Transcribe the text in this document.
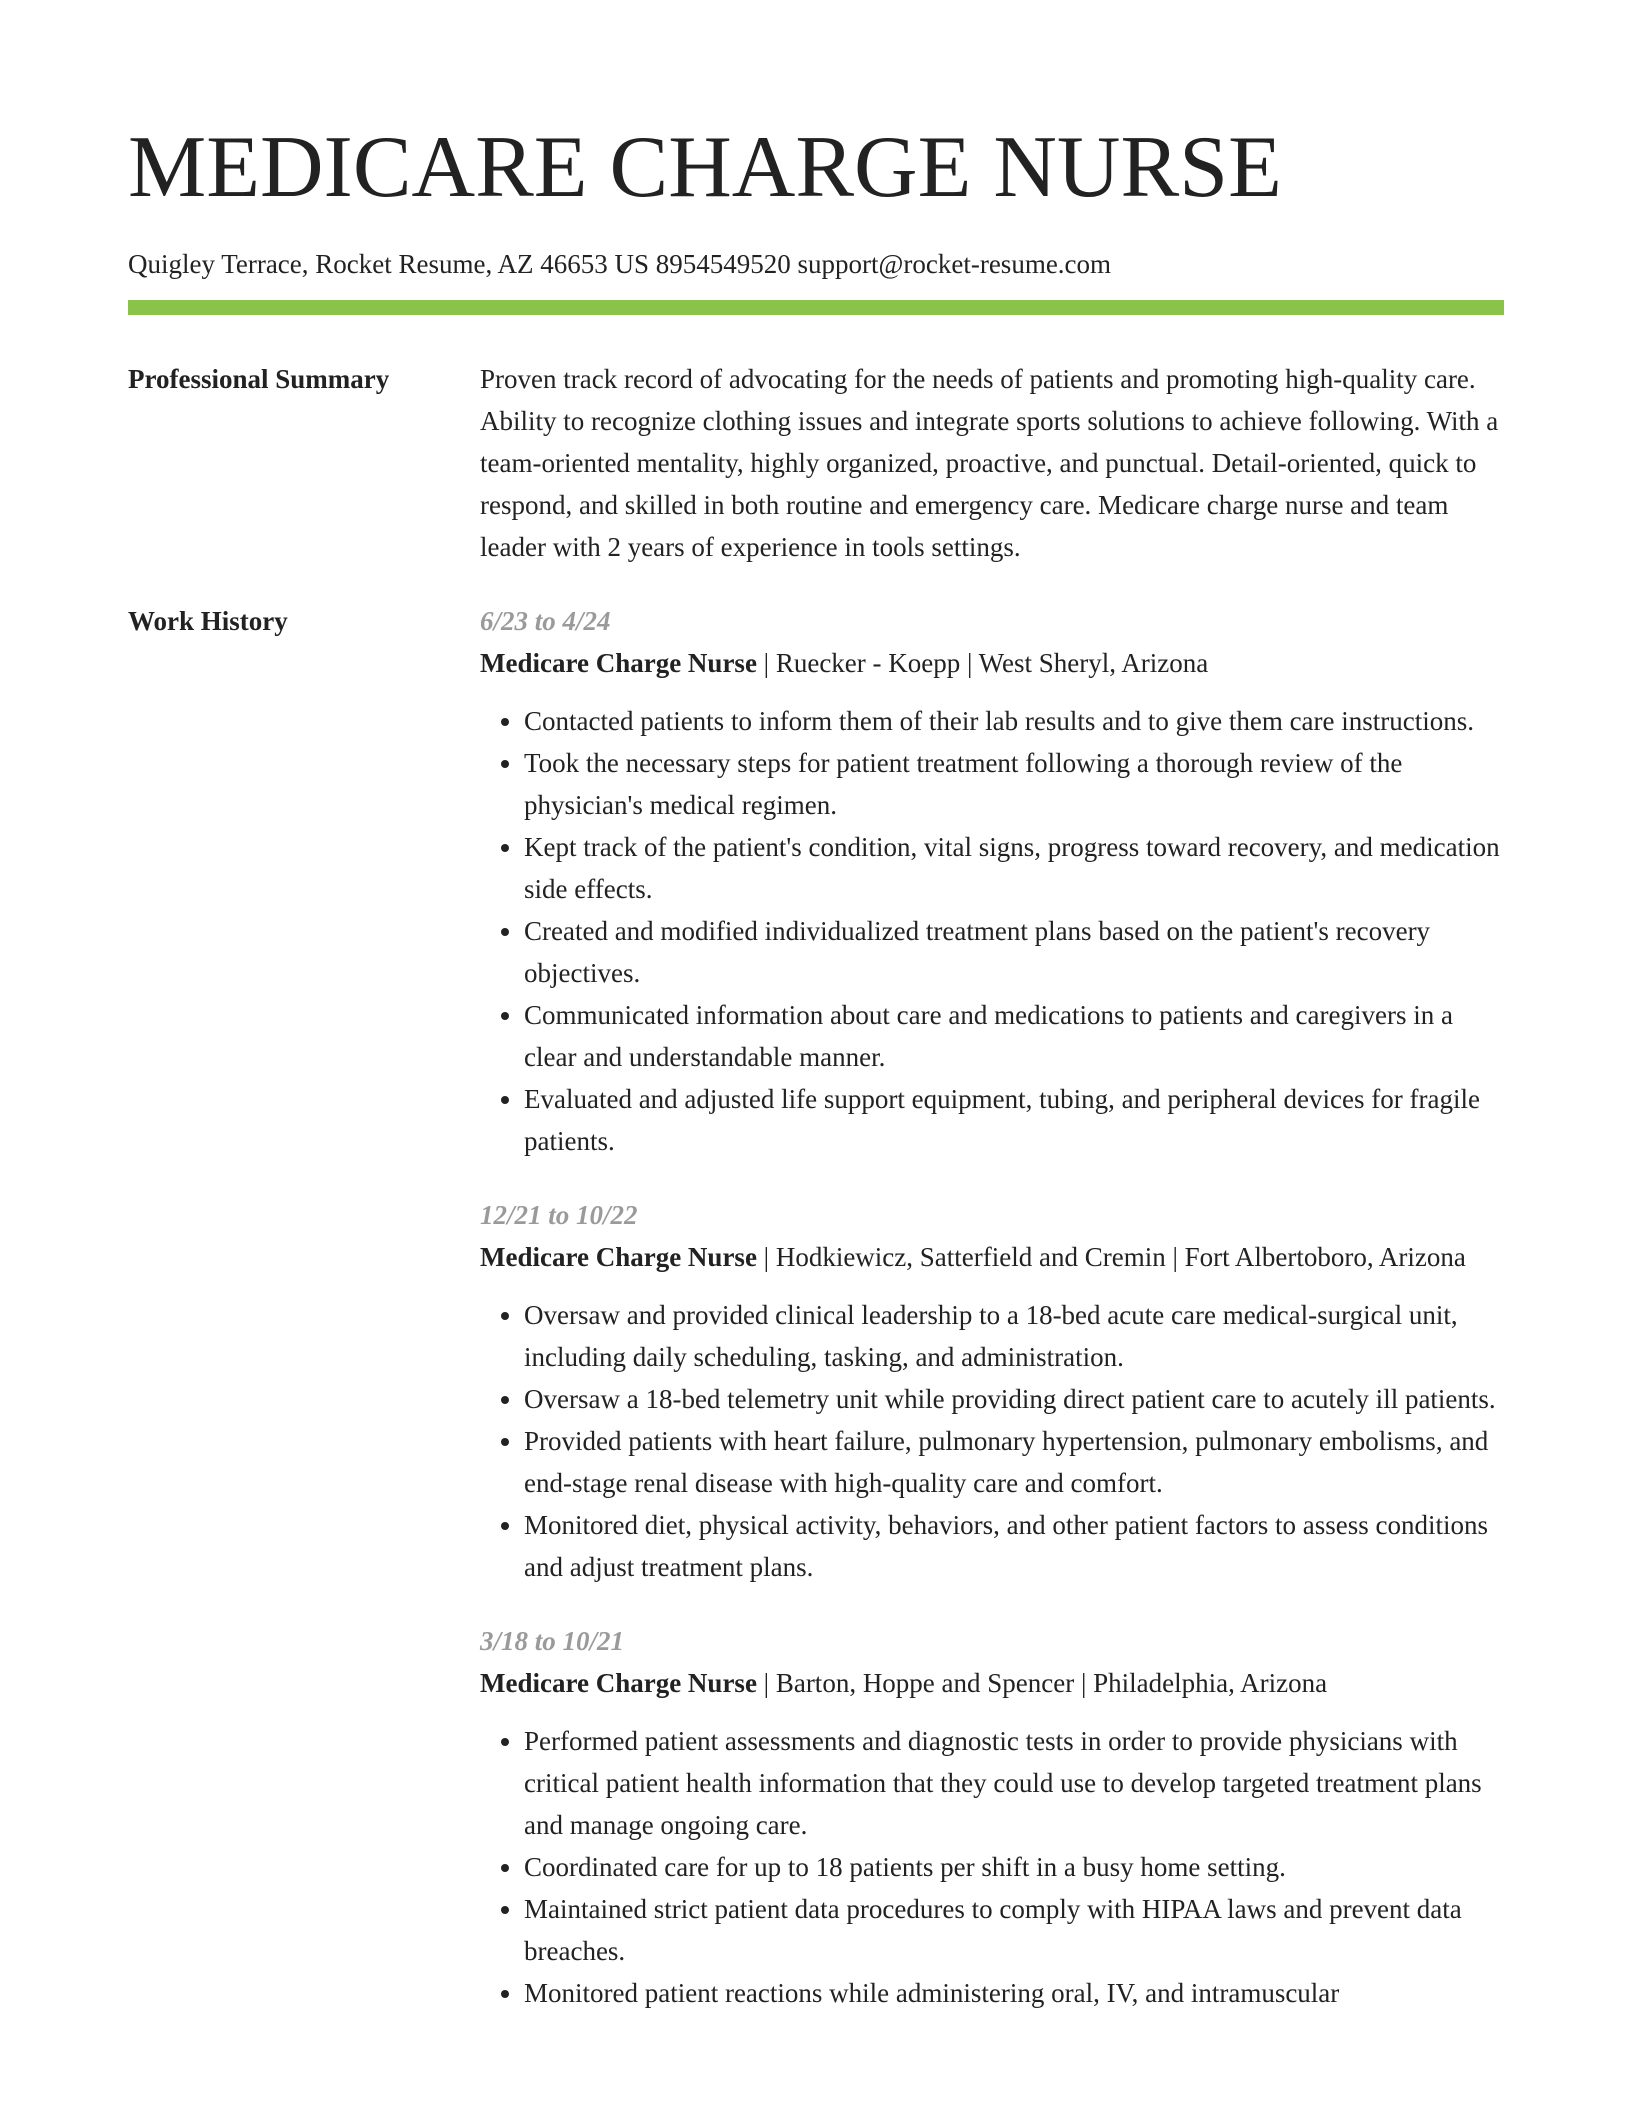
MEDICARE CHARGE NURSE
Quigley Terrace, Rocket Resume, AZ 46653 US 8954549520 support@rocket-resume.com
Professional Summary	Proven track record of advocating for the needs of patients and promoting high-quality care. Ability to recognize clothing issues and integrate sports solutions to achieve following. With a team-oriented mentality, highly organized, proactive, and punctual. Detail-oriented, quick to respond, and skilled in both routine and emergency care. Medicare charge nurse and team leader with 2 years of experience in tools settings.

Work History	6/23 to 4/24
Medicare Charge Nurse | Ruecker - Koepp | West Sheryl, Arizona
• Contacted patients to inform them of their lab results and to give them care instructions.
• Took the necessary steps for patient treatment following a thorough review of the physician's medical regimen.
• Kept track of the patient's condition, vital signs, progress toward recovery, and medication side effects.
• Created and modified individualized treatment plans based on the patient's recovery objectives.
• Communicated information about care and medications to patients and caregivers in a clear and understandable manner.
• Evaluated and adjusted life support equipment, tubing, and peripheral devices for fragile patients.
12/21 to 10/22
Medicare Charge Nurse | Hodkiewicz, Satterfield and Cremin | Fort Albertoboro, Arizona
• Oversaw and provided clinical leadership to a 18-bed acute care medical-surgical unit, including daily scheduling, tasking, and administration.
• Oversaw a 18-bed telemetry unit while providing direct patient care to acutely ill patients.
• Provided patients with heart failure, pulmonary hypertension, pulmonary embolisms, and end-stage renal disease with high-quality care and comfort.
• Monitored diet, physical activity, behaviors, and other patient factors to assess conditions and adjust treatment plans.
3/18 to 10/21
Medicare Charge Nurse | Barton, Hoppe and Spencer | Philadelphia, Arizona
• Performed patient assessments and diagnostic tests in order to provide physicians with critical patient health information that they could use to develop targeted treatment plans and manage ongoing care.
• Coordinated care for up to 18 patients per shift in a busy home setting.
• Maintained strict patient data procedures to comply with HIPAA laws and prevent data breaches.
• Monitored patient reactions while administering oral, IV, and intramuscular
